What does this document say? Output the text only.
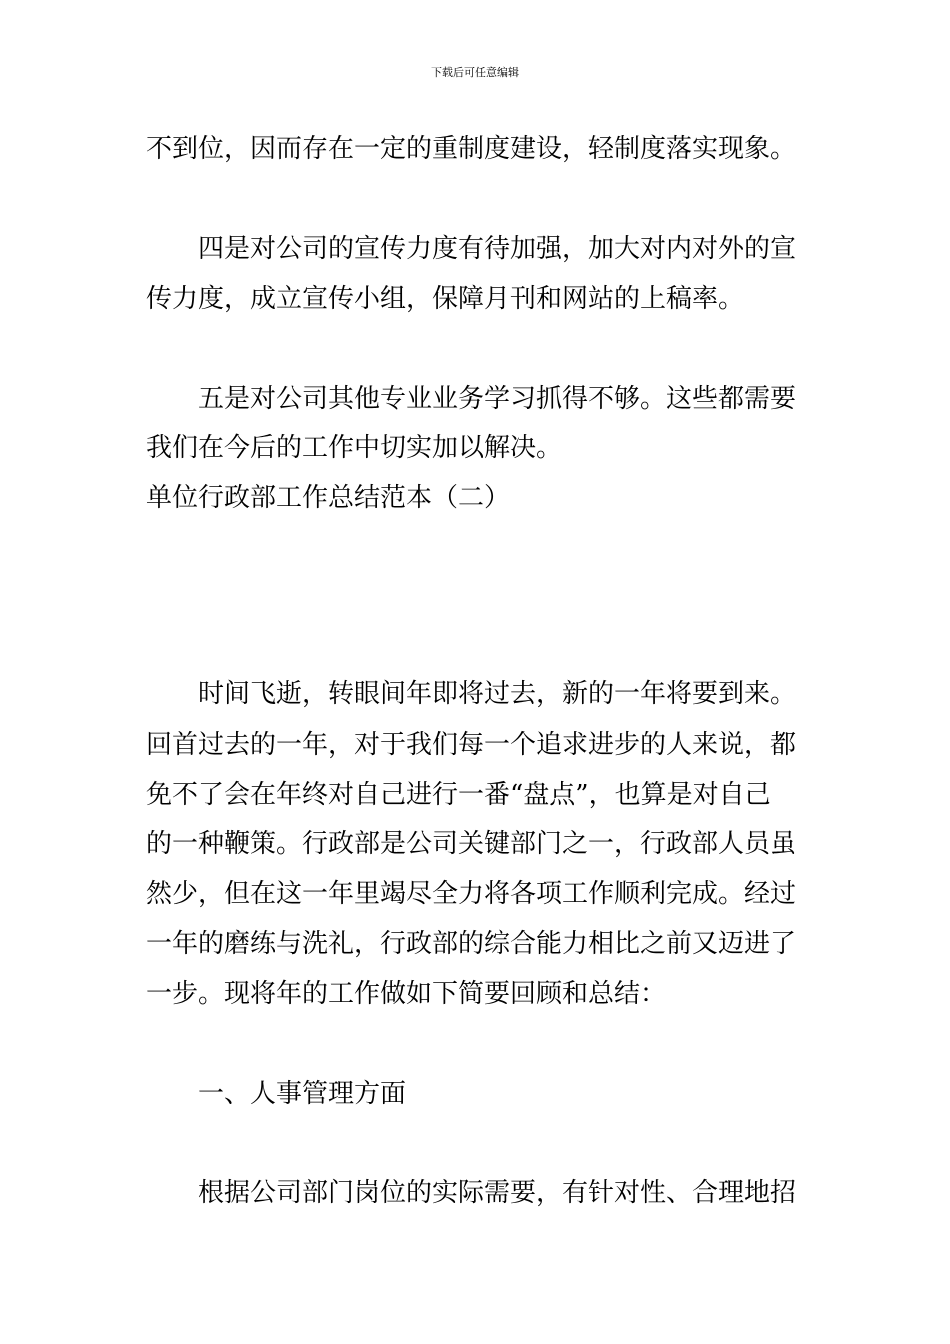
下载后可任意编辑
不到位，因而存在一定的重制度建设，轻制度落实现象。
四是对公司的宣传力度有待加强，加大对内对外的宣
传力度，成立宣传小组，保障月刊和网站的上稿率。
五是对公司其他专业业务学习抓得不够。这些都需要
我们在今后的工作中切实加以解决。
单位行政部工作总结范本（二）
时间飞逝，转眼间年即将过去，新的一年将要到来。
回首过去的一年，对于我们每一个追求进步的人来说，都
免不了会在年终对自己进行一番“盘点”，也算是对自己
的一种鞭策。行政部是公司关键部门之一，行政部人员虽
然少，但在这一年里竭尽全力将各项工作顺利完成。经过
一年的磨练与洗礼，行政部的综合能力相比之前又迈进了
一步。现将年的工作做如下简要回顾和总结：
一、人事管理方面
根据公司部门岗位的实际需要，有针对性、合理地招
